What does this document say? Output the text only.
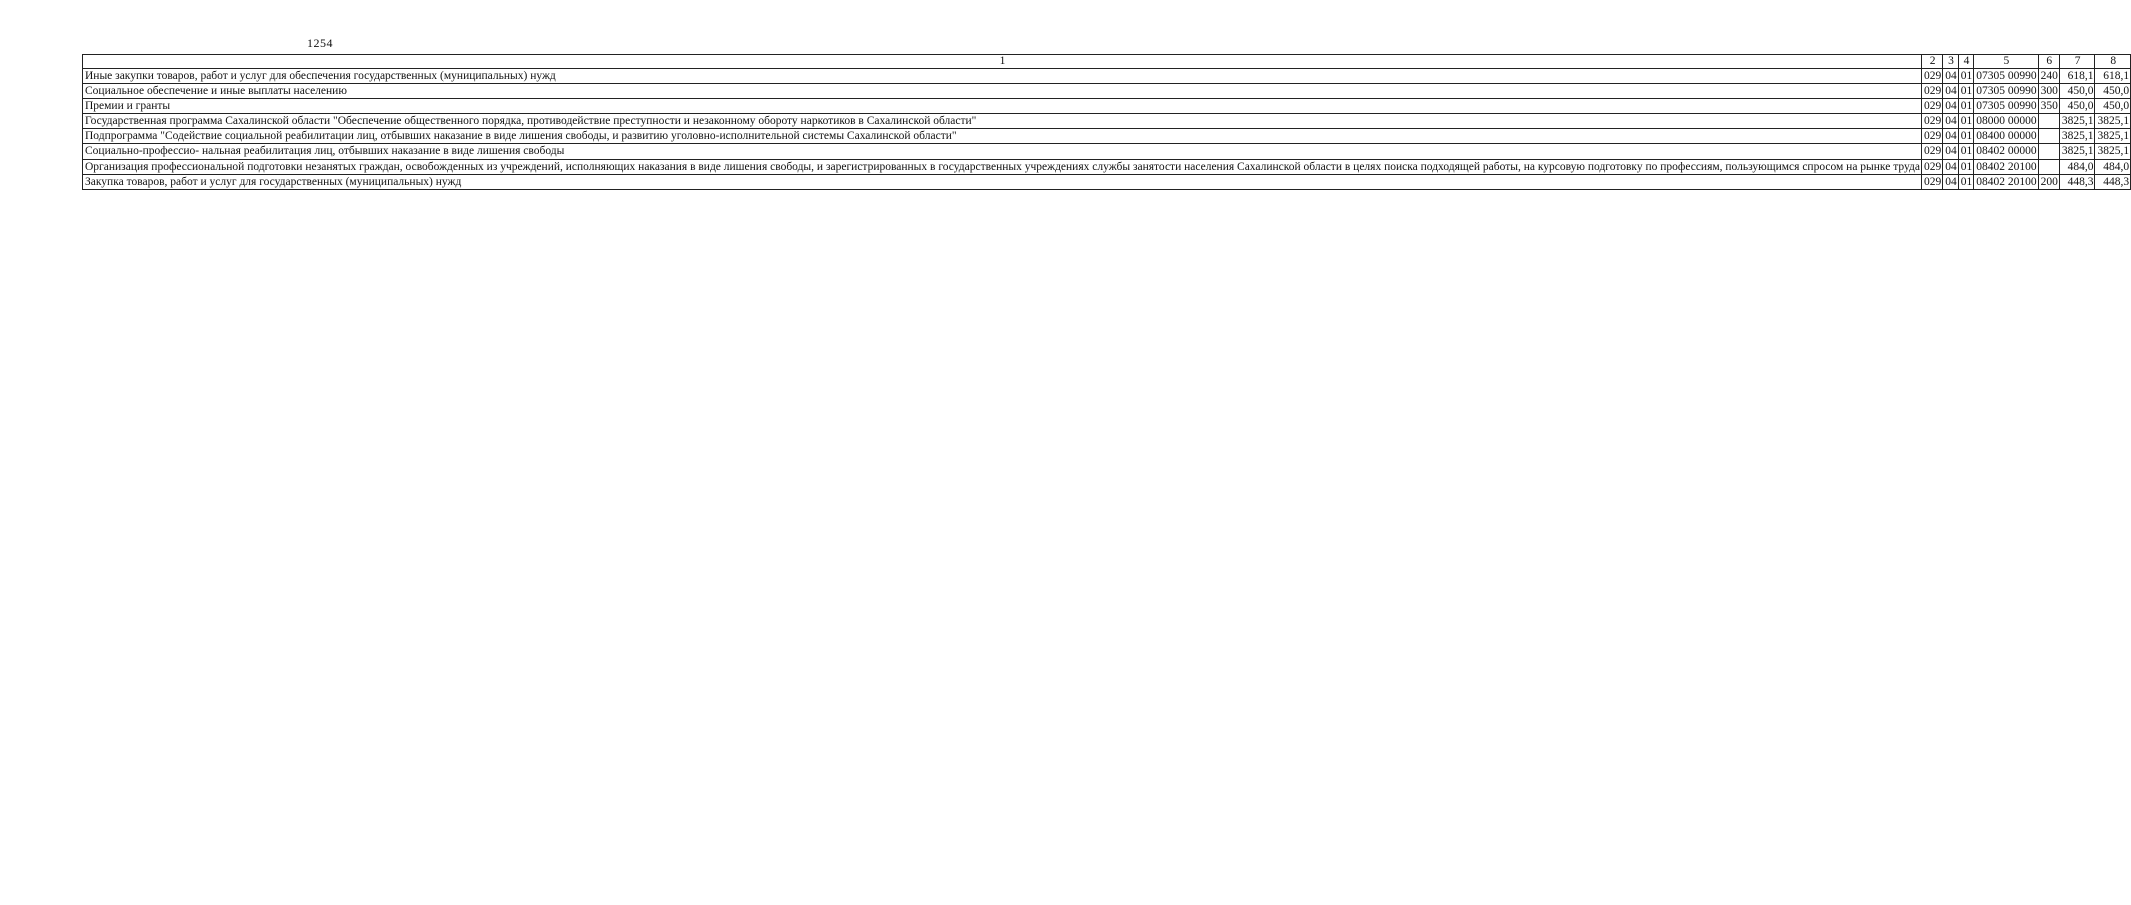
1254
1	2	3	4	5	6	7	8
Иные закупки товаров, работ и услуг для обеспечения государственных (муниципальных) нужд	029	04	01	07305 00990	240	618,1	618,1
Социальное обеспечение и иные выплаты населению	029	04	01	07305 00990	300	450,0	450,0
Премии и гранты	029	04	01	07305 00990	350	450,0	450,0
Государственная программа Сахалинской области "Обеспечение общественного порядка, противодействие преступности и незаконному обороту наркотиков в Сахалинской области"	029	04	01	08000 00000		3825,1	3825,1
Подпрограмма "Содействие социальной реабилитации лиц, отбывших наказание в виде лишения свободы, и развитию уголовно-исполнительной системы Сахалинской области"	029	04	01	08400 00000		3825,1	3825,1
Социально-профессио- нальная реабилитация лиц, отбывших наказание в виде лишения свободы	029	04	01	08402 00000		3825,1	3825,1
Организация профессиональной подготовки незанятых граждан, освобожденных из учреждений, исполняющих наказания в виде лишения свободы, и зарегистрированных в государственных учреждениях службы занятости населения Сахалинской области в целях поиска подходящей работы, на курсовую подготовку по профессиям, пользующимся спросом на рынке труда	029	04	01	08402 20100		484,0	484,0
Закупка товаров, работ и услуг для государственных (муниципальных) нужд	029	04	01	08402 20100	200	448,3	448,3
